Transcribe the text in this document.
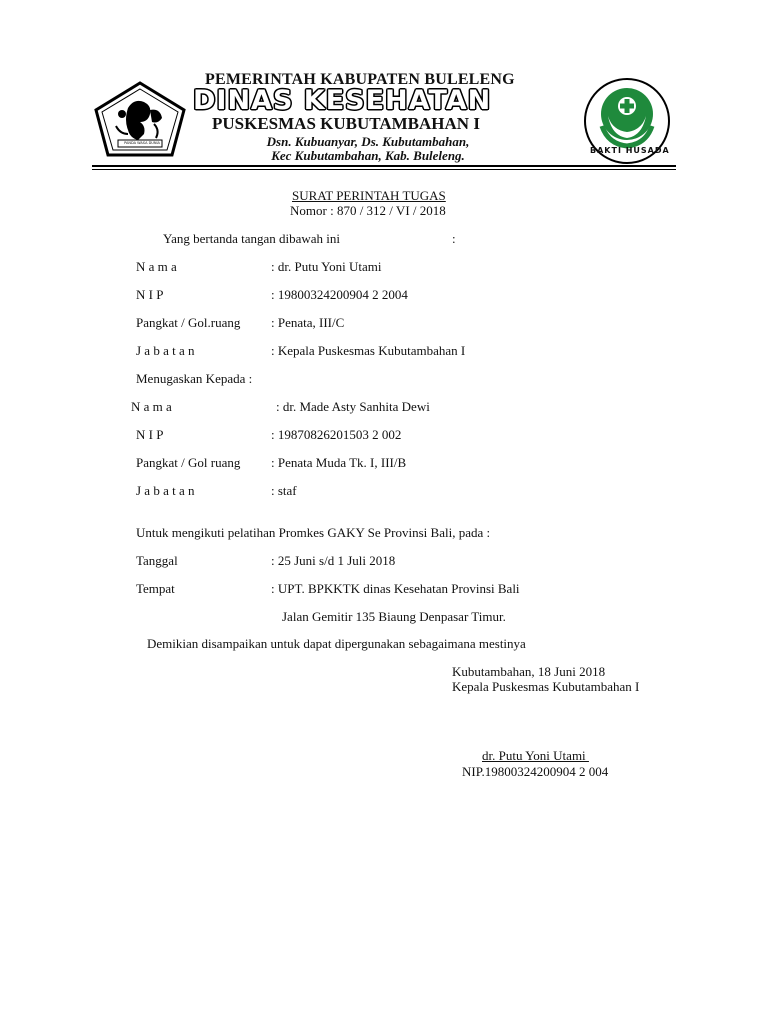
PANDA WASA DUNIA
BAKTI HUSADA
PEMERINTAH KABUPATEN BULELENG
DINAS KESEHATAN
PUSKESMAS KUBUTAMBAHAN I
Dsn. Kubuanyar, Ds. Kubutambahan,
Kec Kubutambahan, Kab. Buleleng.
SURAT PERINTAH TUGAS
Nomor : 870 / 312 / VI / 2018
Yang bertanda tangan dibawah ini	:
N a m a	: dr. Putu Yoni Utami
N I P	: 19800324200904 2 2004
Pangkat / Gol.ruang : Penata, III/C
J a b a t a n	: Kepala Puskesmas Kubutambahan I
Menugaskan Kepada :
N a m a	: dr. Made Asty Sanhita Dewi
N I P	: 19870826201503 2 002
Pangkat / Gol ruang : Penata Muda Tk. I, III/B
J a b a t a n	: staf
Untuk mengikuti pelatihan Promkes GAKY Se Provinsi Bali, pada :
Tanggal	: 25 Juni s/d 1 Juli 2018
Tempat	: UPT. BPKKTK dinas Kesehatan Provinsi Bali
Jalan Gemitir 135 Biaung Denpasar Timur.
Demikian disampaikan untuk dapat dipergunakan sebagaimana mestinya
Kubutambahan, 18 Juni 2018
Kepala Puskesmas Kubutambahan I
dr. Putu Yoni Utami
NIP.19800324200904 2 004
